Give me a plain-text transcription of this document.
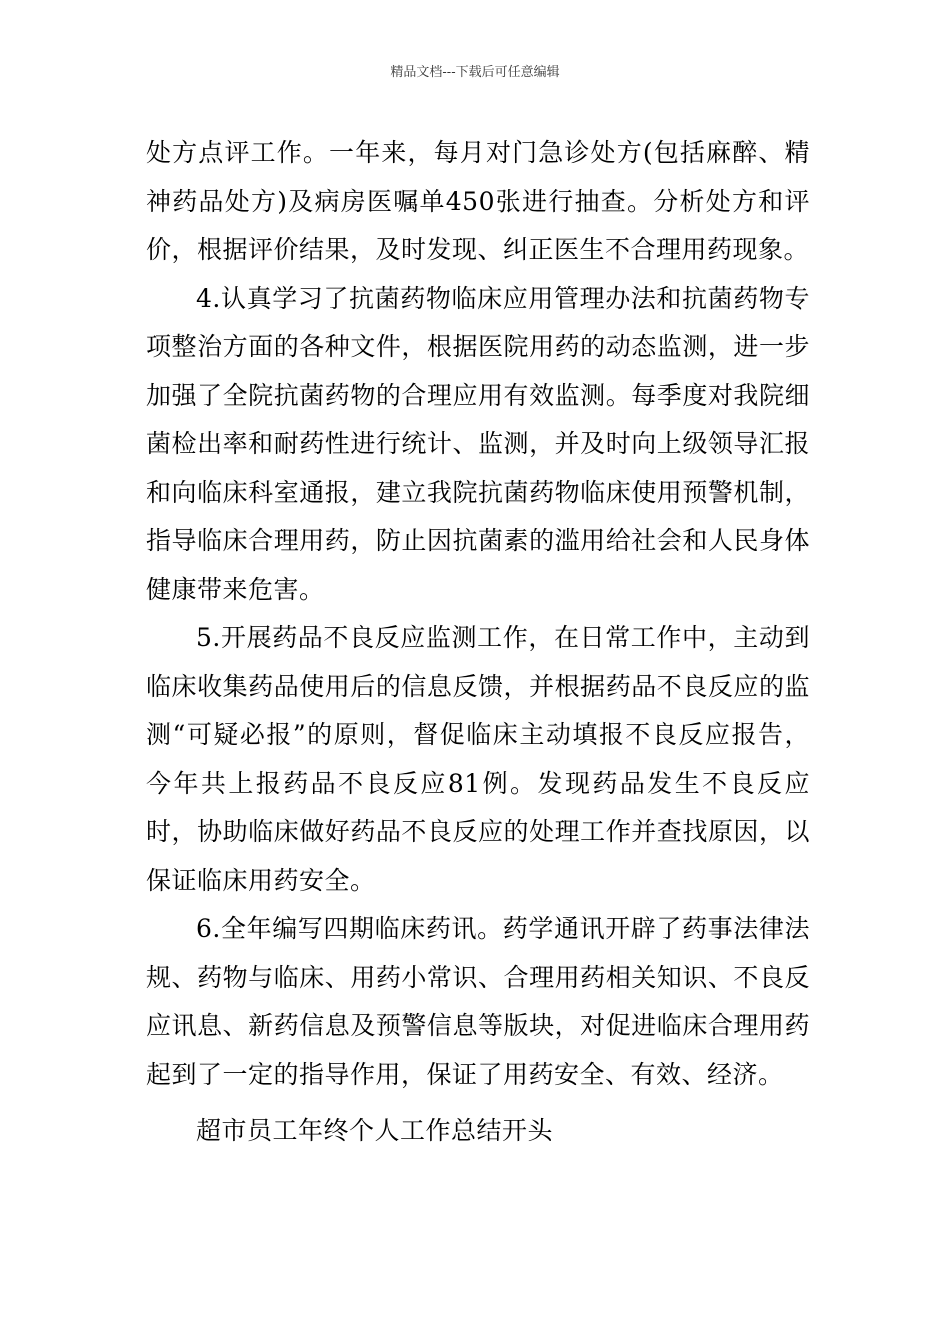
精品文档---下载后可任意编辑

处方点评工作。一年来，每月对门急诊处方(包括麻醉、精神药品处方)及病房医嘱单450张进行抽查。分析处方和评价，根据评价结果，及时发现、纠正医生不合理用药现象。

4.认真学习了抗菌药物临床应用管理办法和抗菌药物专项整治方面的各种文件，根据医院用药的动态监测，进一步加强了全院抗菌药物的合理应用有效监测。每季度对我院细菌检出率和耐药性进行统计、监测，并及时向上级领导汇报和向临床科室通报，建立我院抗菌药物临床使用预警机制，指导临床合理用药，防止因抗菌素的滥用给社会和人民身体健康带来危害。

5.开展药品不良反应监测工作，在日常工作中，主动到临床收集药品使用后的信息反馈，并根据药品不良反应的监测“可疑必报”的原则，督促临床主动填报不良反应报告，今年共上报药品不良反应81例。发现药品发生不良反应时，协助临床做好药品不良反应的处理工作并查找原因，以保证临床用药安全。

6.全年编写四期临床药讯。药学通讯开辟了药事法律法规、药物与临床、用药小常识、合理用药相关知识、不良反应讯息、新药信息及预警信息等版块，对促进临床合理用药起到了一定的指导作用，保证了用药安全、有效、经济。

超市员工年终个人工作总结开头
